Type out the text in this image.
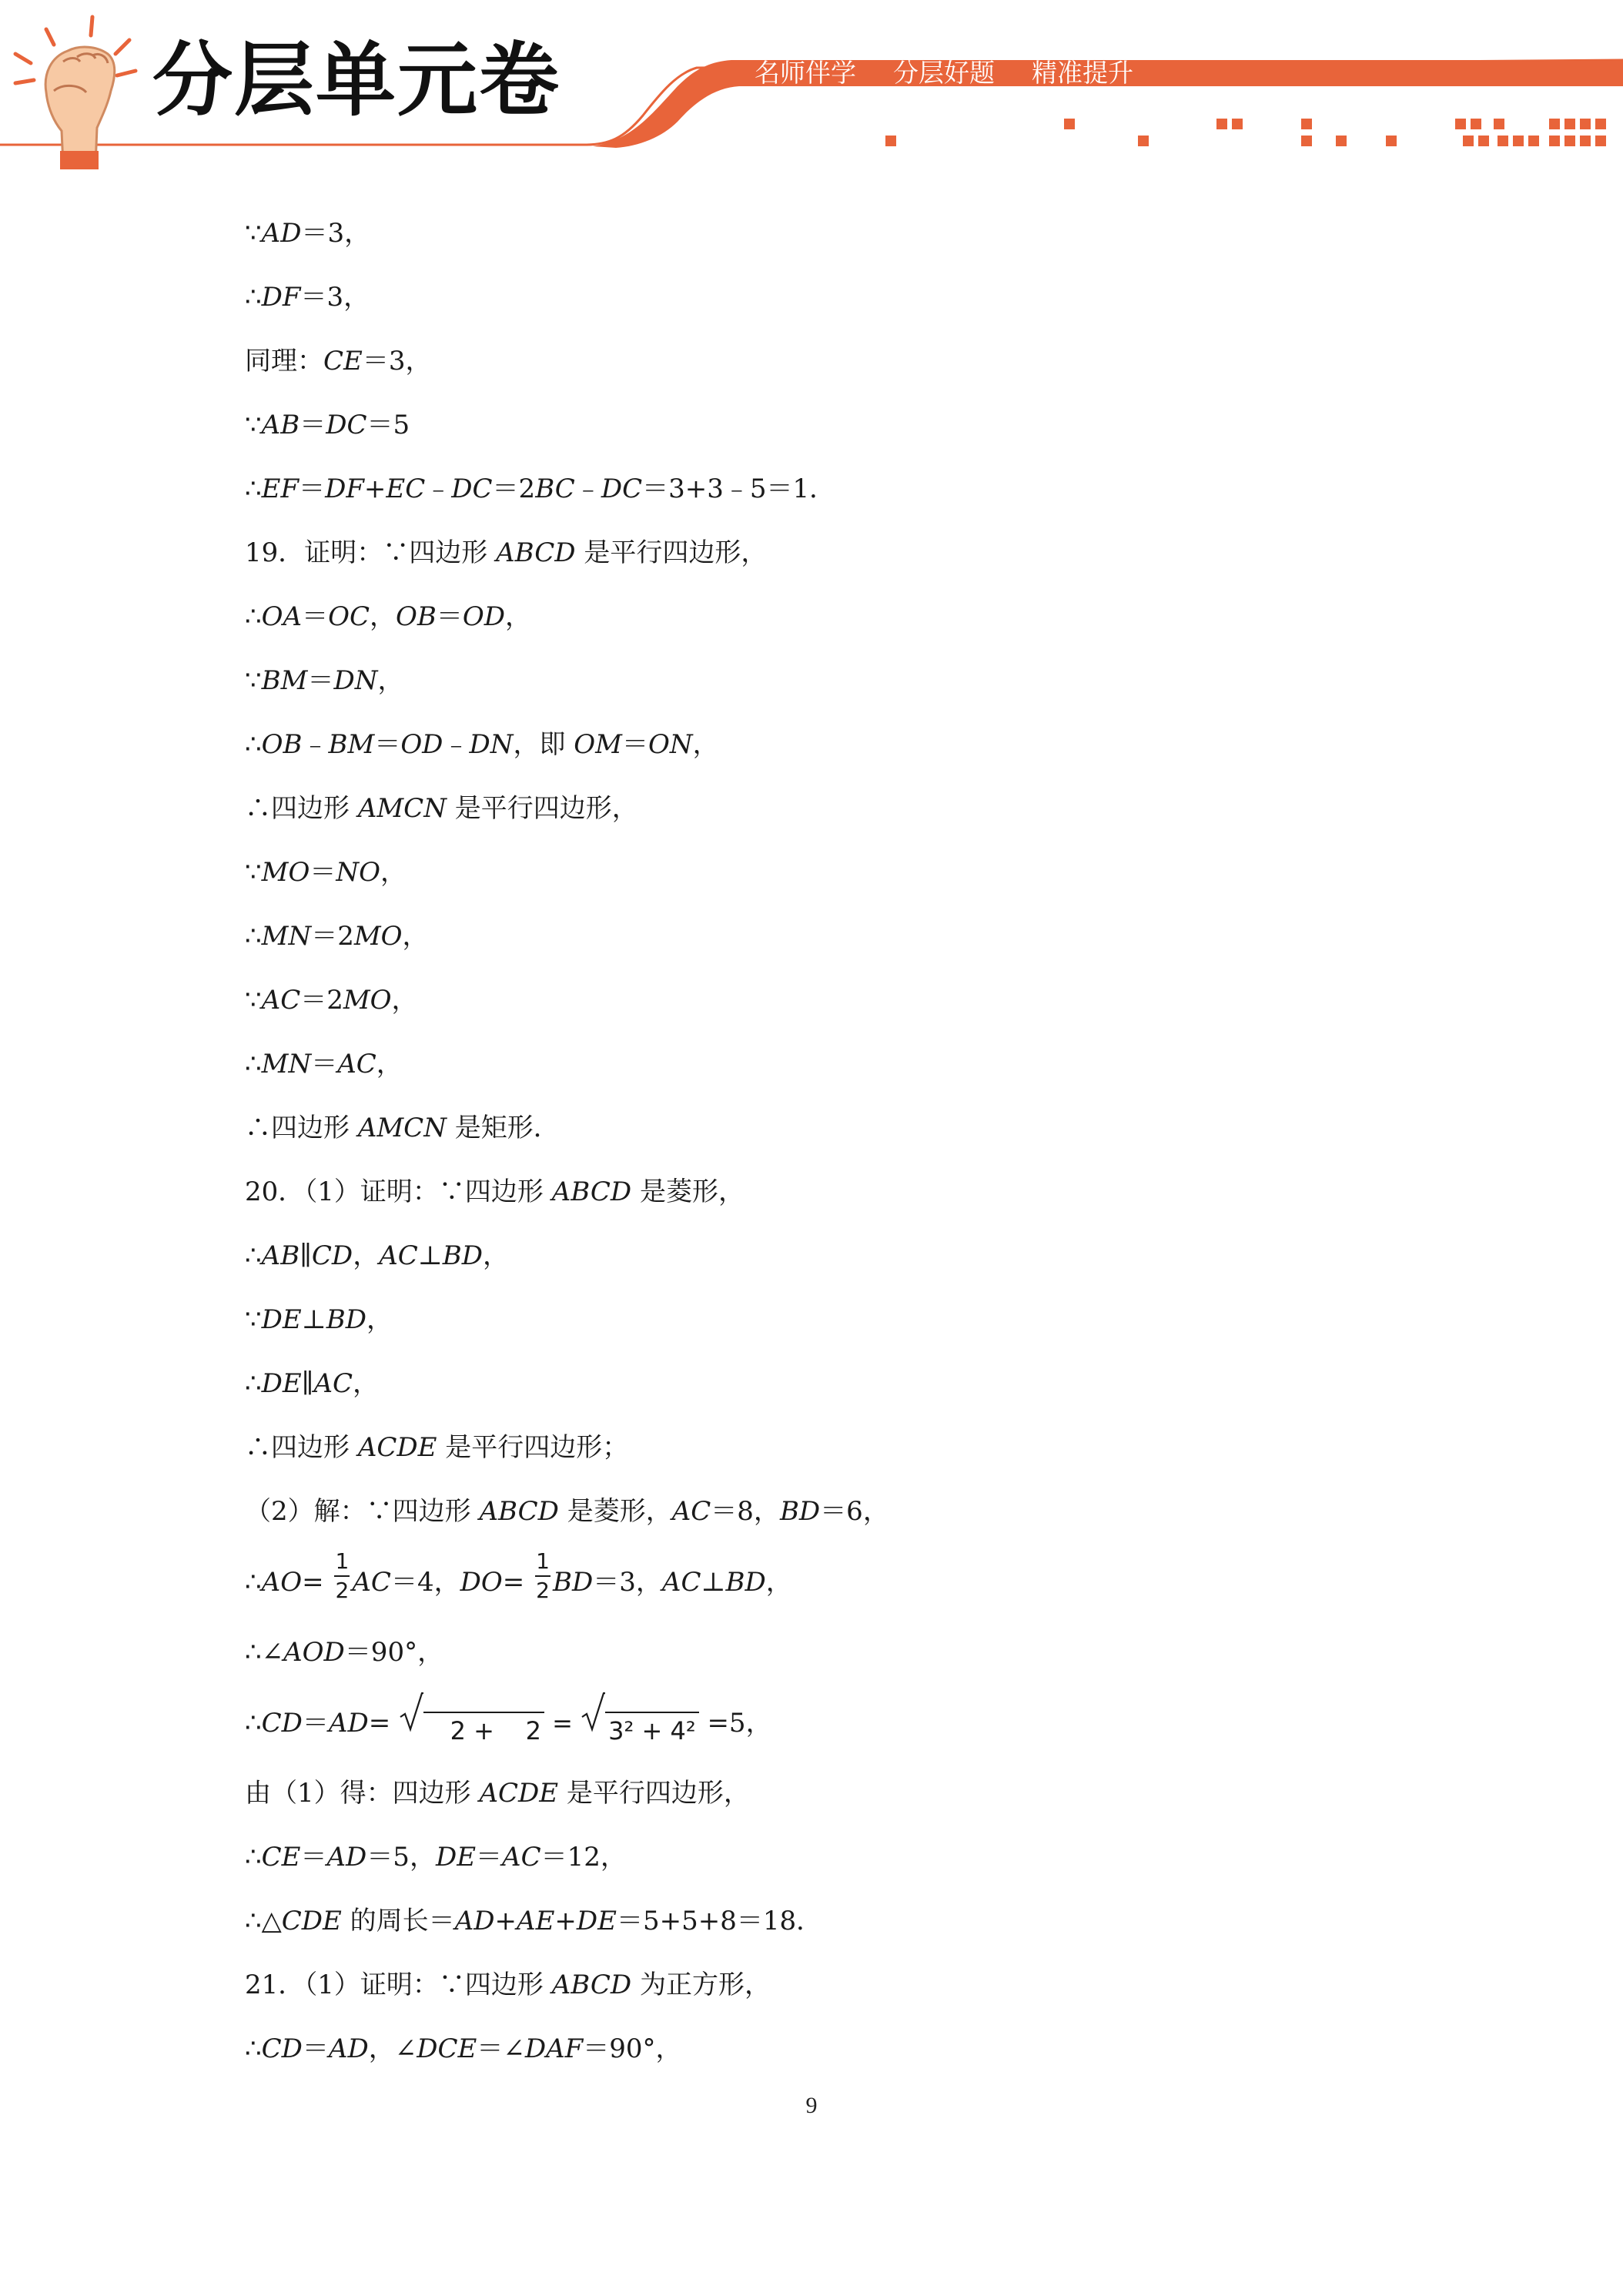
分层单元卷	名师伴学 分层好题 精准提升
∵AD＝3，
∴DF＝3，
同理：CE＝3，
∵AB＝DC＝5
∴EF＝DF+EC﹣DC＝2BC﹣DC＝3+3﹣5＝1．
19．证明：∵四边形 ABCD 是平行四边形，
∴OA＝OC，OB＝OD，
∵BM＝DN，
∴OB﹣BM＝OD﹣DN，即 OM＝ON，
∴四边形 AMCN 是平行四边形，
∵MO＝NO，
∴MN＝2MO，
∵AC＝2MO，
∴MN＝AC，
∴四边形 AMCN 是矩形．
20．（1）证明：∵四边形 ABCD 是菱形，
∴AB∥CD，AC⊥BD，
∵DE⊥BD，
∴DE∥AC，
∴四边形 ACDE 是平行四边形；
（2）解：∵四边形 ABCD 是菱形，AC＝8，BD＝6，
∴AO= $\frac{1}{2} AC=4$，$DO= \frac{1}{2} BD=3$，AC⊥BD，
∴∠AOD＝90°，
∴CD＝AD=
2 +    2 =
3² + 4² =5，
由（1）得：四边形 ACDE 是平行四边形，
∴CE＝AD＝5，DE＝AC＝12，
∴△CDE 的周长＝AD+AE+DE＝5+5+8＝18．
21．（1）证明：∵四边形 ABCD 为正方形，
∴CD＝AD，∠DCE＝∠DAF＝90°，
9
